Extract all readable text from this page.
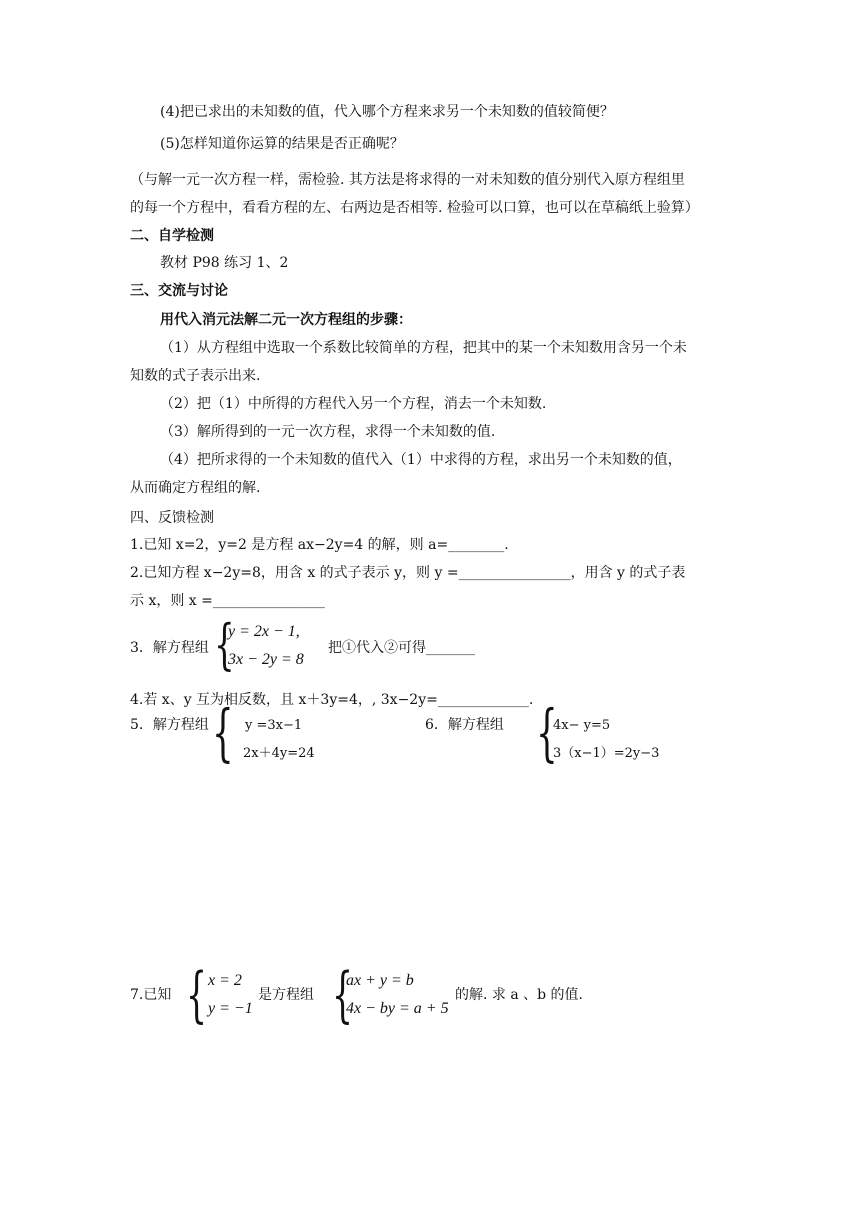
(4)把已求出的未知数的值，代入哪个方程来求另一个未知数的值较简便？
(5)怎样知道你运算的结果是否正确呢？
（与解一元一次方程一样，需检验. 其方法是将求得的一对未知数的值分别代入原方程组里
的每一个方程中，看看方程的左、右两边是否相等. 检验可以口算，也可以在草稿纸上验算）
二、自学检测
教材 P98 练习 1、2
三、交流与讨论
用代入消元法解二元一次方程组的步骤：
（1）从方程组中选取一个系数比较简单的方程，把其中的某一个未知数用含另一个未
知数的式子表示出来.
（2）把（1）中所得的方程代入另一个方程，消去一个未知数.
（3）解所得到的一元一次方程，求得一个未知数的值.
（4）把所求得的一个未知数的值代入（1）中求得的方程，求出另一个未知数的值，
从而确定方程组的解.
四、反馈检测
1.已知 x=2，y=2 是方程 ax−2y=4 的解，则 a=________.
2.已知方程 x−2y=8，用含 x 的式子表示 y，则 y =________________，用含 y 的式子表
示 x，则 x =________________
3．解方程组 {
y = 2x − 1,
3x − 2y = 8
把①代入②可得_______
4.若 x、y 互为相反数，且 x＋3y=4，, 3x−2y=_____________.
5．解方程组 { y =3x−1
2x＋4y=24
6．解方程组 {
4x− y=5
3（x−1）=2y−3
7.已知 { x = 2
y = −1
是方程组 {
ax + y = b
4x − by = a + 5
的解. 求 a 、b 的值.
